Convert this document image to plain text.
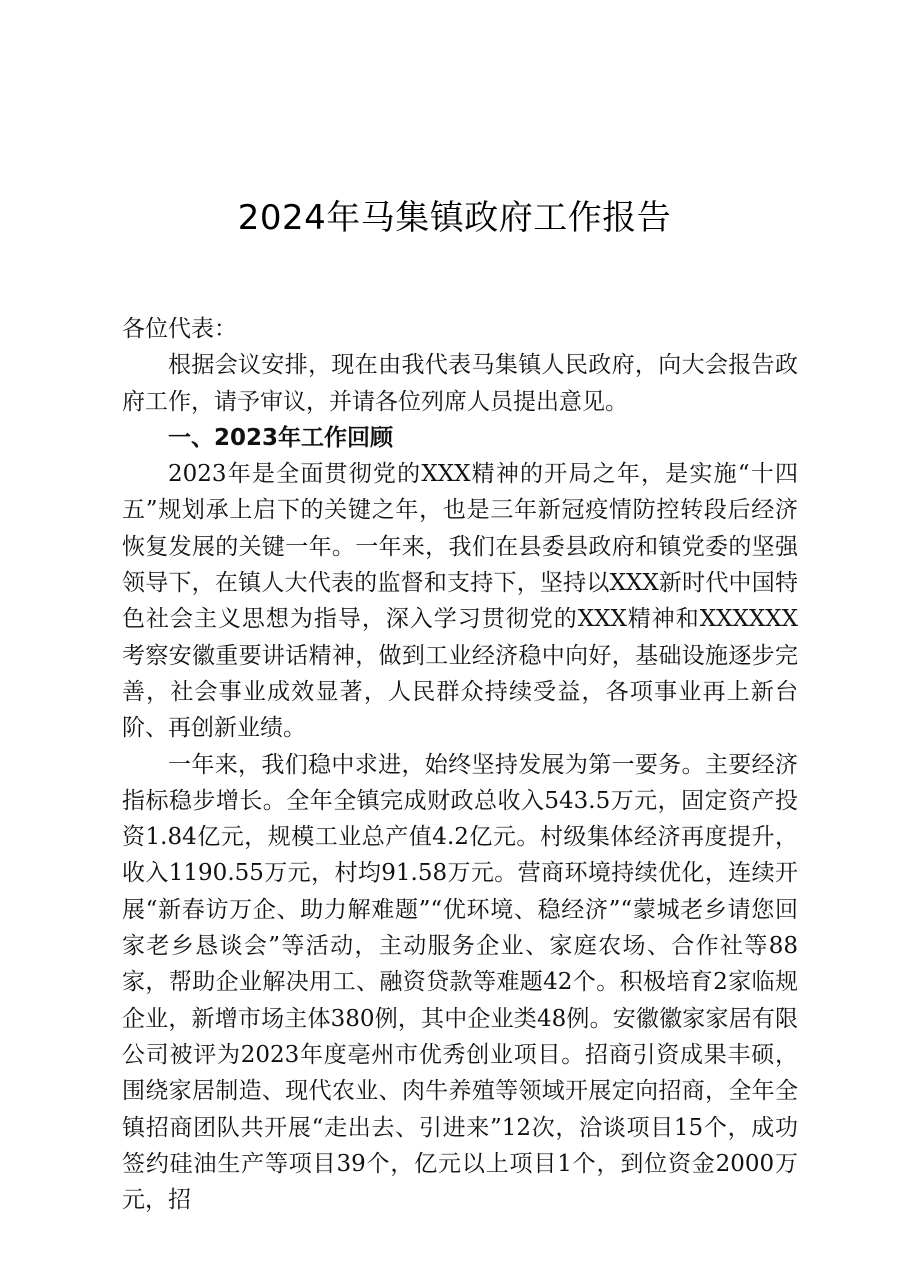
2024年马集镇政府工作报告

各位代表：

根据会议安排，现在由我代表马集镇人民政府，向大会报告政府工作，请予审议，并请各位列席人员提出意见。

一、2023年工作回顾

2023年是全面贯彻党的XXX精神的开局之年，是实施“十四五”规划承上启下的关键之年，也是三年新冠疫情防控转段后经济恢复发展的关键一年。一年来，我们在县委县政府和镇党委的坚强领导下，在镇人大代表的监督和支持下，坚持以XXX新时代中国特色社会主义思想为指导，深入学习贯彻党的XXX精神和XXXXXX考察安徽重要讲话精神，做到工业经济稳中向好，基础设施逐步完善，社会事业成效显著，人民群众持续受益，各项事业再上新台阶、再创新业绩。

一年来，我们稳中求进，始终坚持发展为第一要务。主要经济指标稳步增长。全年全镇完成财政总收入543.5万元，固定资产投资1.84亿元，规模工业总产值4.2亿元。村级集体经济再度提升，收入1190.55万元，村均91.58万元。营商环境持续优化，连续开展“新春访万企、助力解难题”“优环境、稳经济”“蒙城老乡请您回家老乡恳谈会”等活动，主动服务企业、家庭农场、合作社等88家，帮助企业解决用工、融资贷款等难题42个。积极培育2家临规企业，新增市场主体380例，其中企业类48例。安徽徽家家居有限公司被评为2023年度亳州市优秀创业项目。招商引资成果丰硕，围绕家居制造、现代农业、肉牛养殖等领域开展定向招商，全年全镇招商团队共开展“走出去、引进来”12次，洽谈项目15个，成功签约硅油生产等项目39个，亿元以上项目1个，到位资金2000万元，招
